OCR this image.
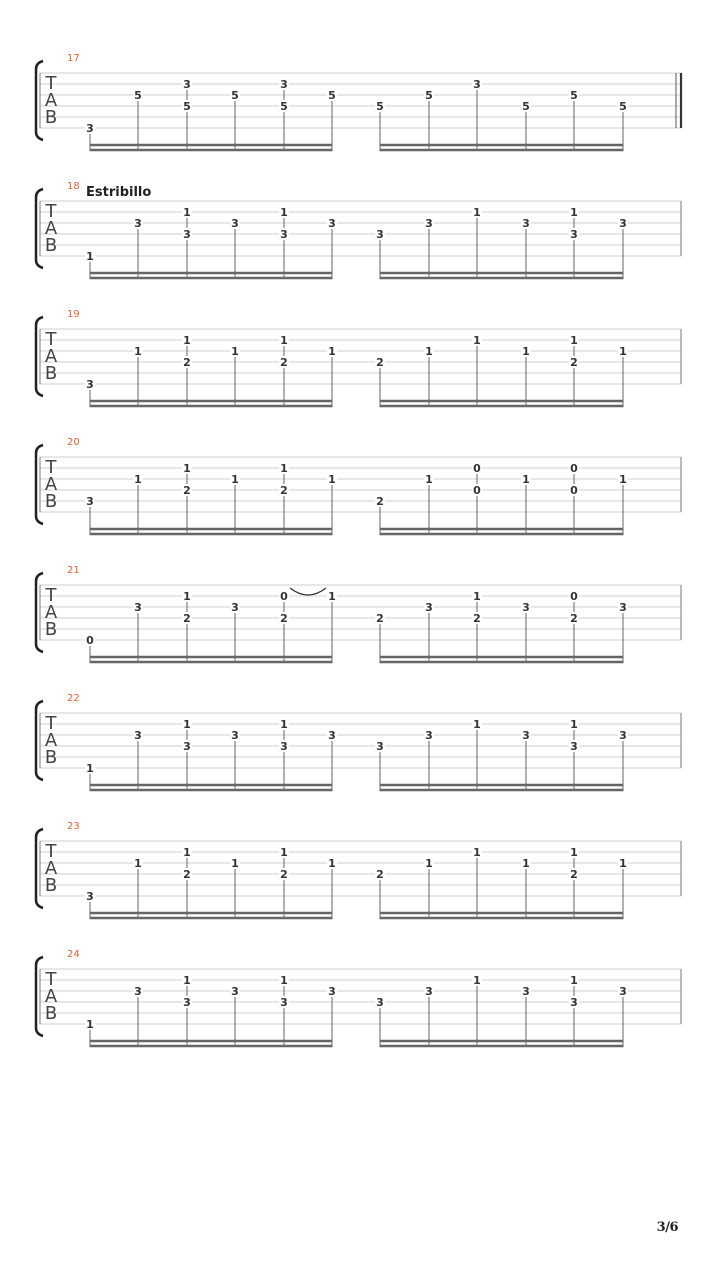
Estribillo
T
A
B
17
3
5
3
5
5
3
5
5
5
5
3
5
5
5
T
A
B
18
1
3
1
3
3
1
3
3
3
3
1
3
1
3
3
T
A
B
19
3
1
1
2
1
1
2
1
2
1
1
1
1
2
1
T
A
B
20
3
1
1
2
1
1
2
1
2
1
0
0
1
0
0
1
T
A
B
21
0
3
1
2
3
0
2
1
2
3
1
2
3
0
2
3
T
A
B
22
1
3
1
3
3
1
3
3
3
3
1
3
1
3
3
T
A
B
23
3
1
1
2
1
1
2
1
2
1
1
1
1
2
1
T
A
B
24
1
3
1
3
3
1
3
3
3
3
1
3
1
3
3
3/6
